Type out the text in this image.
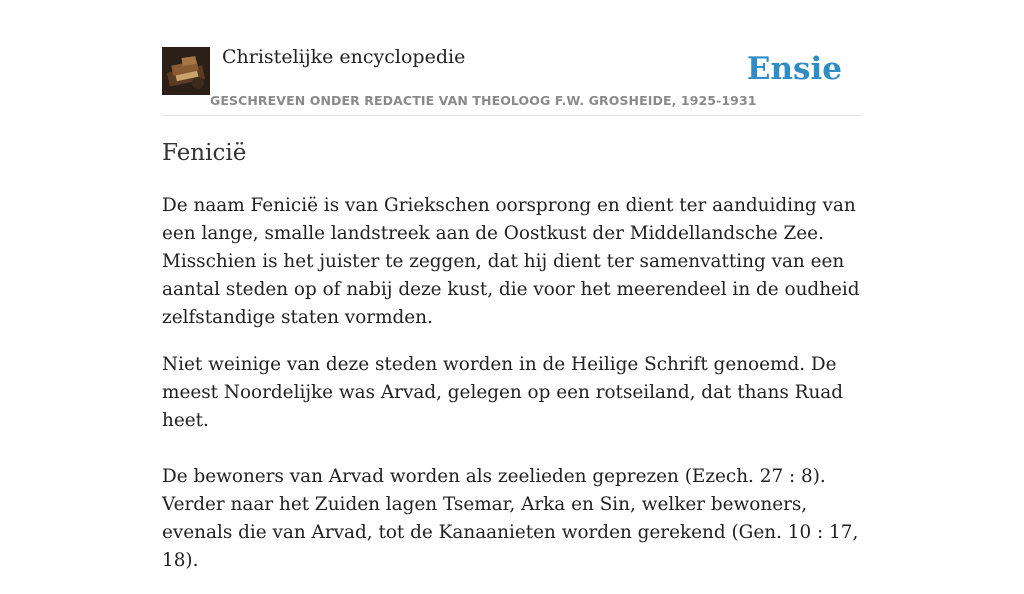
Christelijke encyclopedie
GESCHREVEN ONDER REDACTIE VAN THEOLOOG F.W. GROSHEIDE, 1925-1931
Ensie
Fenicië

De naam Fenicië is van Griekschen oorsprong en dient ter aanduiding van een lange, smalle landstreek aan de Oostkust der Middellandsche Zee. Misschien is het juister te zeggen, dat hij dient ter samenvatting van een aantal steden op of nabij deze kust, die voor het meerendeel in de oudheid zelfstandige staten vormden.

Niet weinige van deze steden worden in de Heilige Schrift genoemd. De meest Noordelijke was Arvad, gelegen op een rotseiland, dat thans Ruad heet.

De bewoners van Arvad worden als zeelieden geprezen (Ezech. 27 : 8). Verder naar het Zuiden lagen Tsemar, Arka en Sin, welker bewoners, evenals die van Arvad, tot de Kanaanieten worden gerekend (Gen. 10 : 17, 18).
